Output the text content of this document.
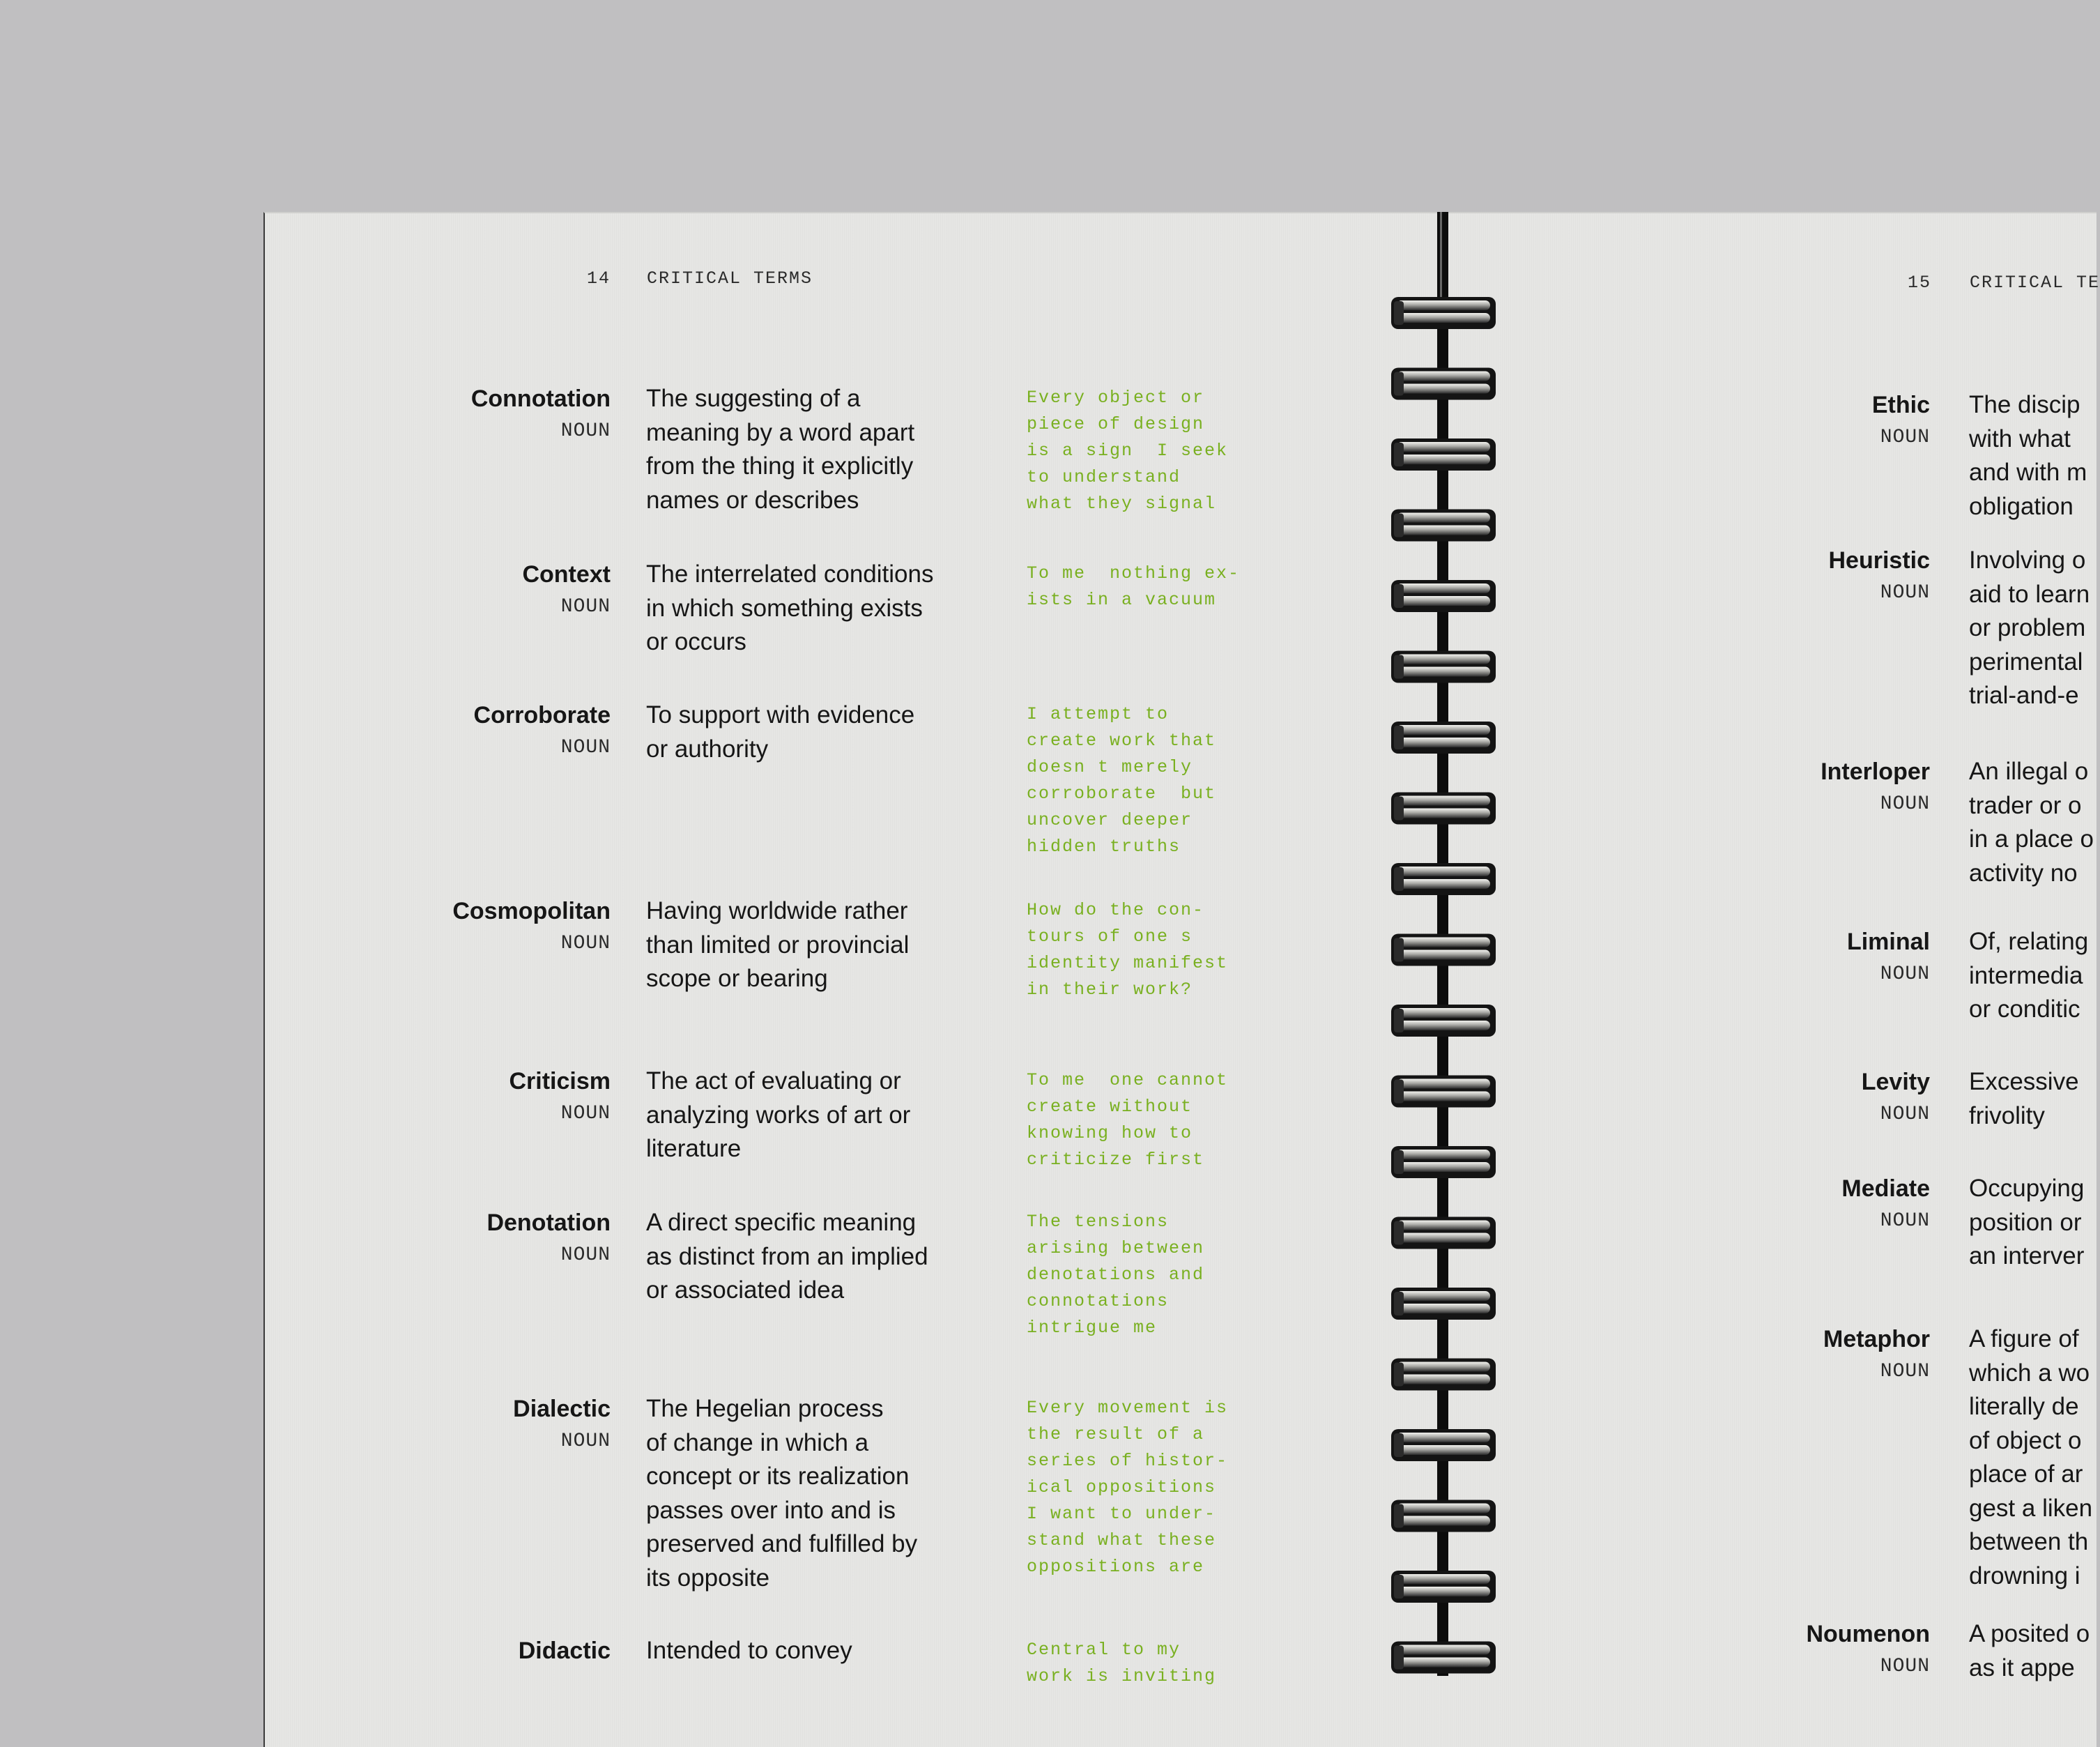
14 CRITICAL TERMS	15 CRITICAL TE
Connotation
NOUN
The suggesting of a
meaning by a word apart
from the thing it explicitly
names or describes
Every object or
piece of design
is a sign  I seek
to understand
what they signal
Context
NOUN
The interrelated conditions
in which something exists
or occurs
To me  nothing ex-
ists in a vacuum
Corroborate
NOUN
To support with evidence
or authority
I attempt to
create work that
doesn t merely
corroborate  but
uncover deeper
hidden truths
Cosmopolitan
NOUN
Having worldwide rather
than limited or provincial
scope or bearing
How do the con-
tours of one s
identity manifest
in their work?
Criticism
NOUN
The act of evaluating or
analyzing works of art or
literature
To me  one cannot
create without
knowing how to
criticize first
Denotation
NOUN
A direct specific meaning
as distinct from an implied
or associated idea
The tensions
arising between
denotations and
connotations
intrigue me
Dialectic
NOUN
The Hegelian process
of change in which a
concept or its realization
passes over into and is
preserved and fulfilled by
its opposite
Every movement is
the result of a
series of histor-
ical oppositions
I want to under-
stand what these
oppositions are
Didactic Intended to convey	Central to my
work is inviting
Ethic
NOUN
The discip
with what
and with m
obligation
Heuristic
NOUN
Involving o
aid to learn
or problem
perimental
trial-and-e
Interloper
NOUN
An illegal o
trader or o
in a place o
activity no
Liminal
NOUN
Of, relating
intermedia
or conditic
Levity
NOUN
Excessive
frivolity
Mediate
NOUN
Occupying
position or
an interver
Metaphor
NOUN
A figure of
which a wo
literally de
of object o
place of ar
gest a liken
between th
drowning i
Noumenon
NOUN
A posited o
as it appe
